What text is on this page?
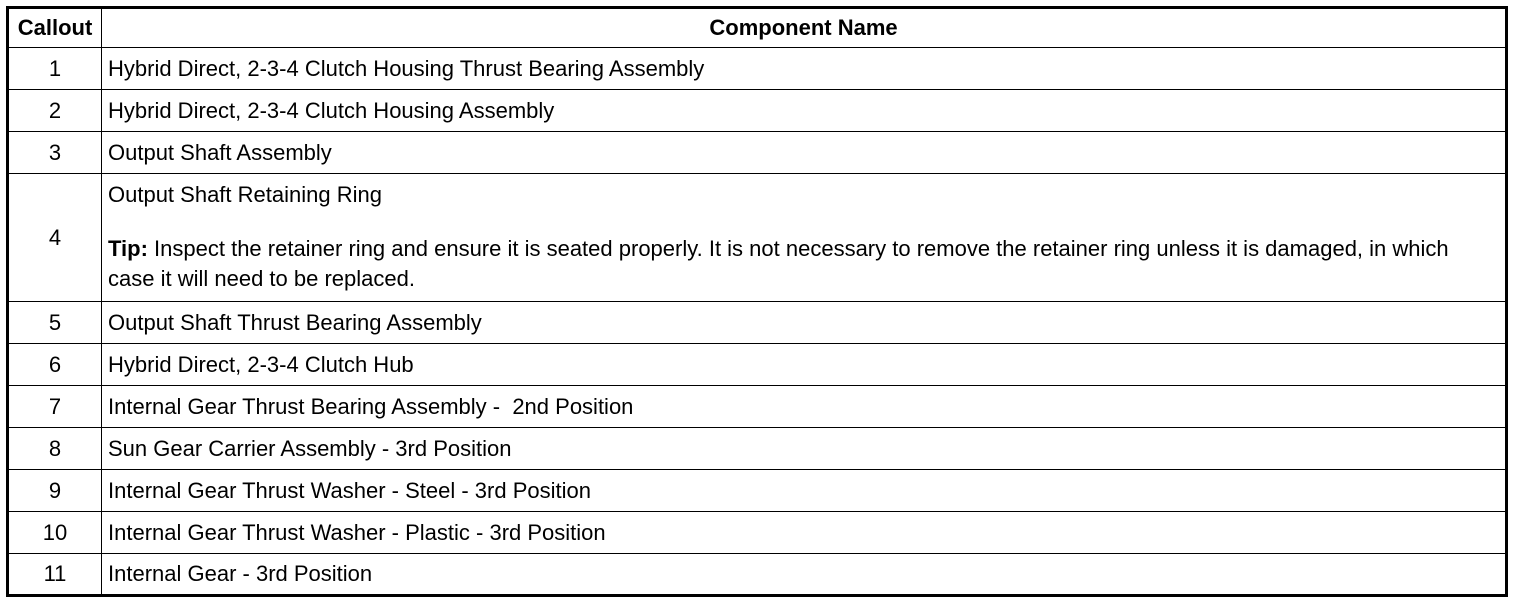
Callout	Component Name
1	Hybrid Direct, 2-3-4 Clutch Housing Thrust Bearing Assembly
2	Hybrid Direct, 2-3-4 Clutch Housing Assembly
3	Output Shaft Assembly
4	Output Shaft Retaining Ring
Tip: Inspect the retainer ring and ensure it is seated properly. It is not necessary to remove the retainer ring unless it is damaged, in which case it will need to be replaced.

5	Output Shaft Thrust Bearing Assembly
6	Hybrid Direct, 2-3-4 Clutch Hub
7	Internal Gear Thrust Bearing Assembly -  2nd Position
8	Sun Gear Carrier Assembly - 3rd Position
9	Internal Gear Thrust Washer - Steel - 3rd Position
10	Internal Gear Thrust Washer - Plastic - 3rd Position
11	Internal Gear - 3rd Position
